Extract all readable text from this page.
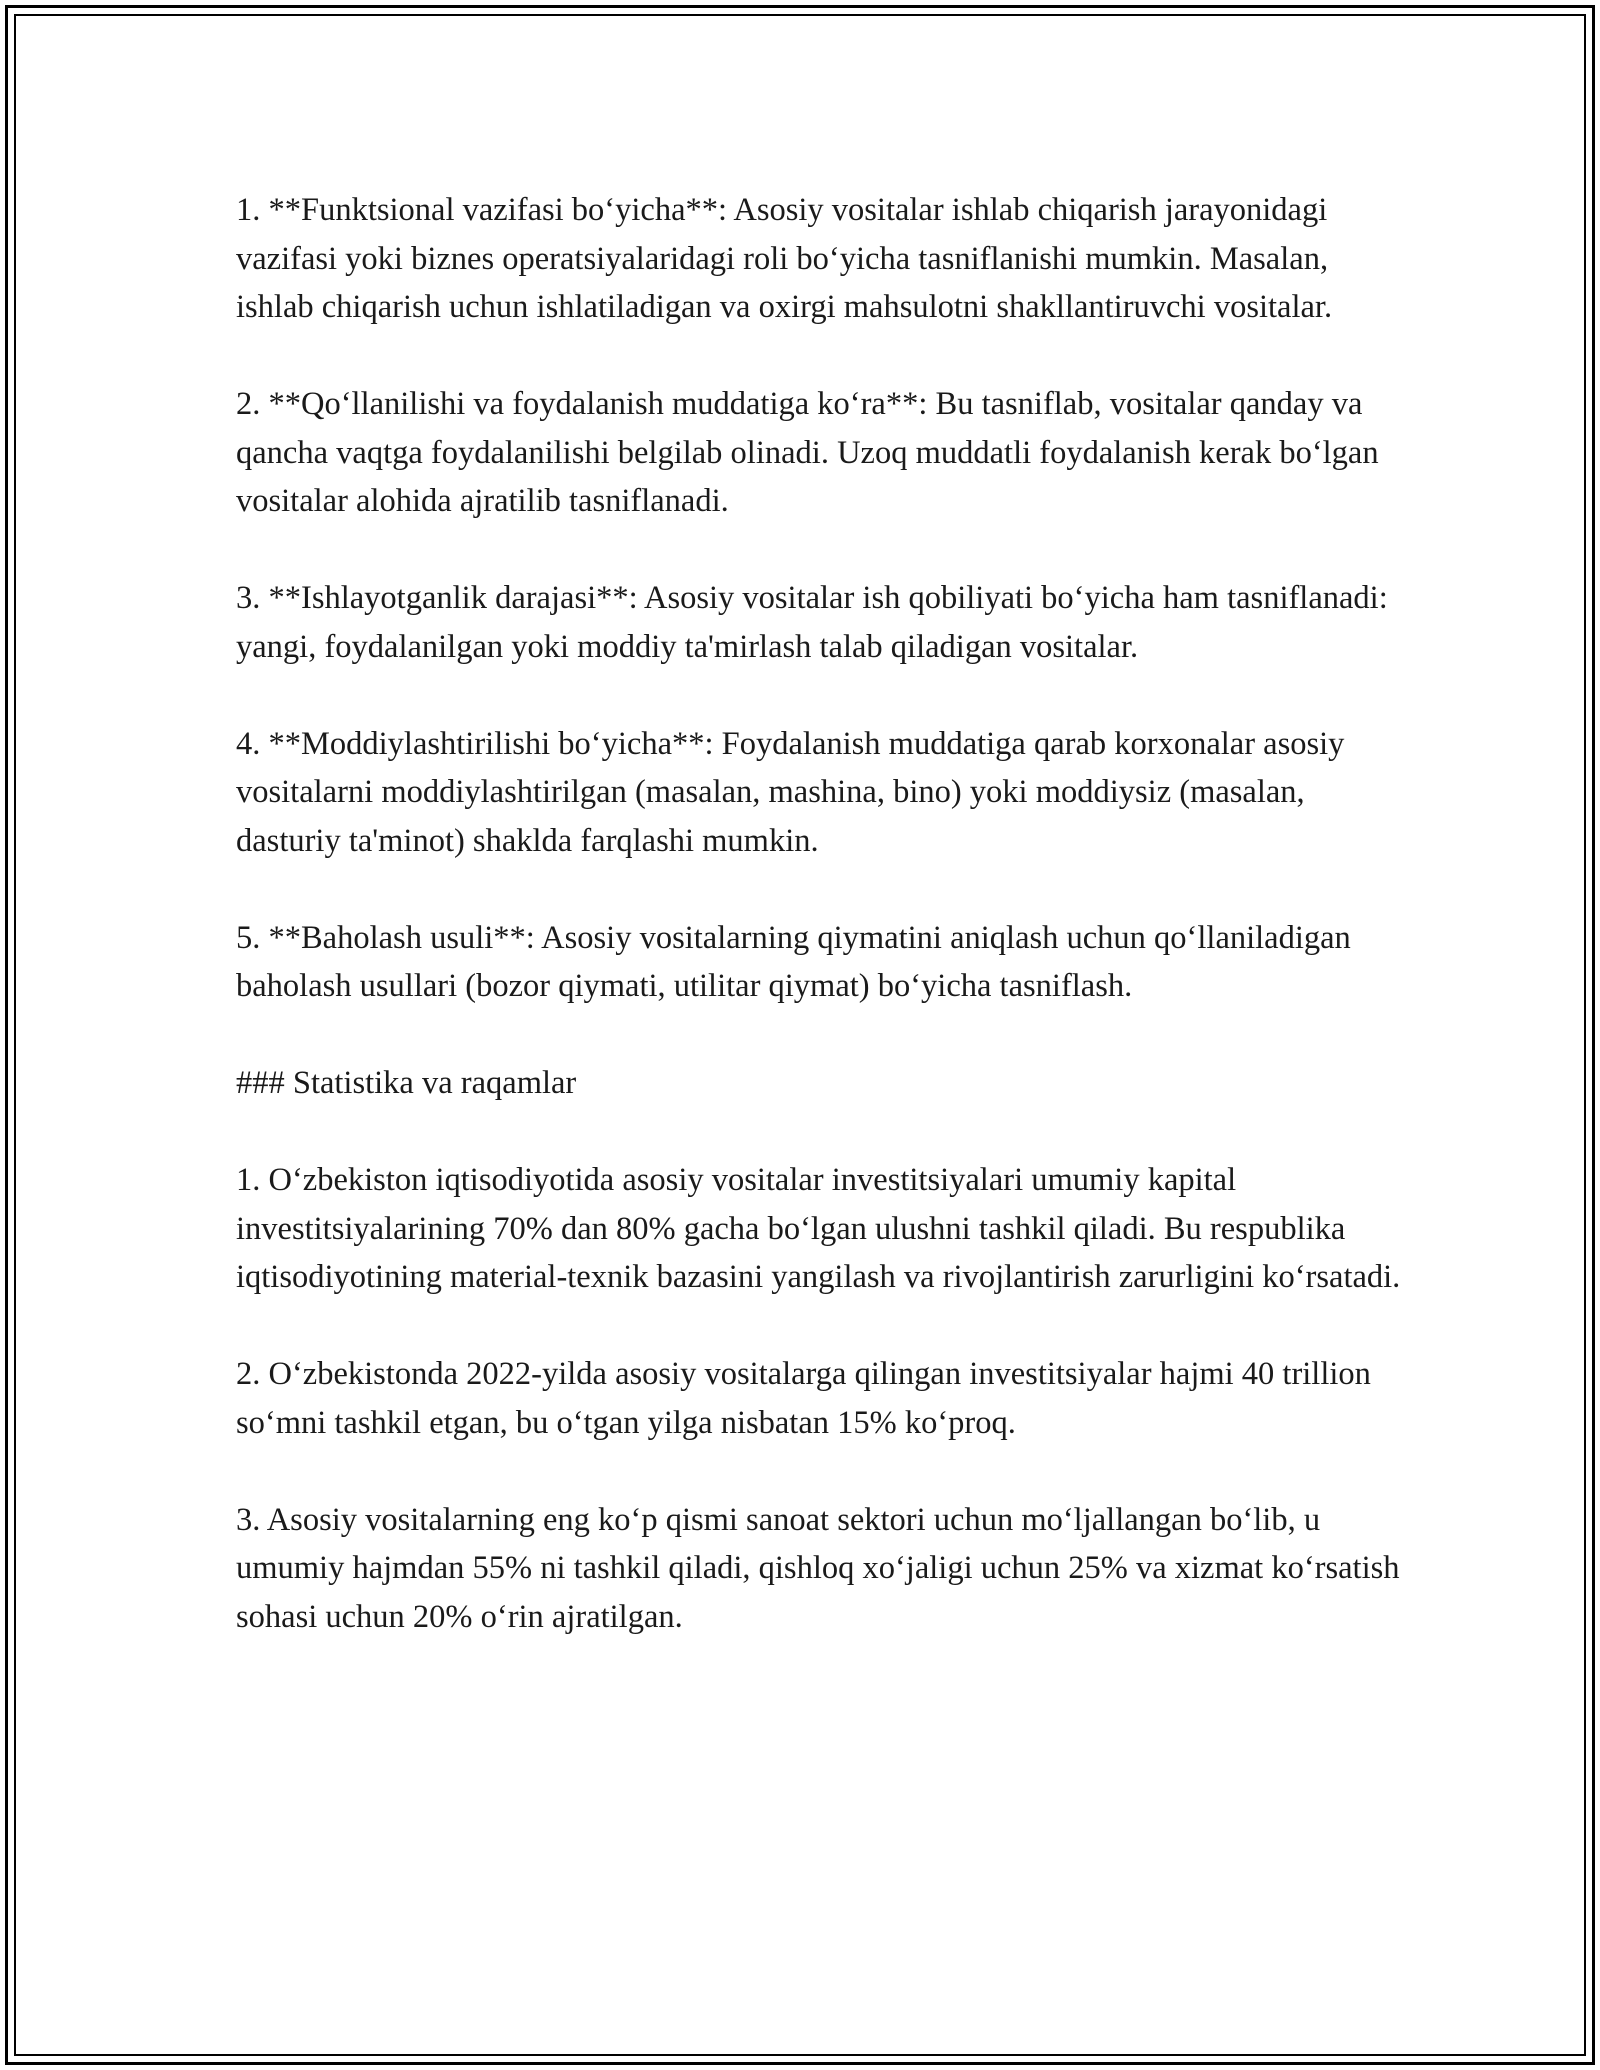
1. **Funktsional vazifasi bo‘yicha**: Asosiy vositalar ishlab chiqarish jarayonidagi vazifasi yoki biznes operatsiyalaridagi roli bo‘yicha tasniflanishi mumkin. Masalan, ishlab chiqarish uchun ishlatiladigan va oxirgi mahsulotni shakllantiruvchi vositalar.

2. **Qo‘llanilishi va foydalanish muddatiga ko‘ra**: Bu tasniflab, vositalar qanday va qancha vaqtga foydalanilishi belgilab olinadi. Uzoq muddatli foydalanish kerak bo‘lgan vositalar alohida ajratilib tasniflanadi.

3. **Ishlayotganlik darajasi**: Asosiy vositalar ish qobiliyati bo‘yicha ham tasniflanadi: yangi, foydalanilgan yoki moddiy ta'mirlash talab qiladigan vositalar.

4. **Moddiylashtirilishi bo‘yicha**: Foydalanish muddatiga qarab korxonalar asosiy vositalarni moddiylashtirilgan (masalan, mashina, bino) yoki moddiysiz (masalan, dasturiy ta'minot) shaklda farqlashi mumkin.

5. **Baholash usuli**: Asosiy vositalarning qiymatini aniqlash uchun qo‘llaniladigan baholash usullari (bozor qiymati, utilitar qiymat) bo‘yicha tasniflash.

### Statistika va raqamlar

1. O‘zbekiston iqtisodiyotida asosiy vositalar investitsiyalari umumiy kapital investitsiyalarining 70% dan 80% gacha bo‘lgan ulushni tashkil qiladi. Bu respublika iqtisodiyotining material-texnik bazasini yangilash va rivojlantirish zarurligini ko‘rsatadi.

2. O‘zbekistonda 2022-yilda asosiy vositalarga qilingan investitsiyalar hajmi 40 trillion so‘mni tashkil etgan, bu o‘tgan yilga nisbatan 15% ko‘proq.

3. Asosiy vositalarning eng ko‘p qismi sanoat sektori uchun mo‘ljallangan bo‘lib, u umumiy hajmdan 55% ni tashkil qiladi, qishloq xo‘jaligi uchun 25% va xizmat ko‘rsatish sohasi uchun 20% o‘rin ajratilgan.
